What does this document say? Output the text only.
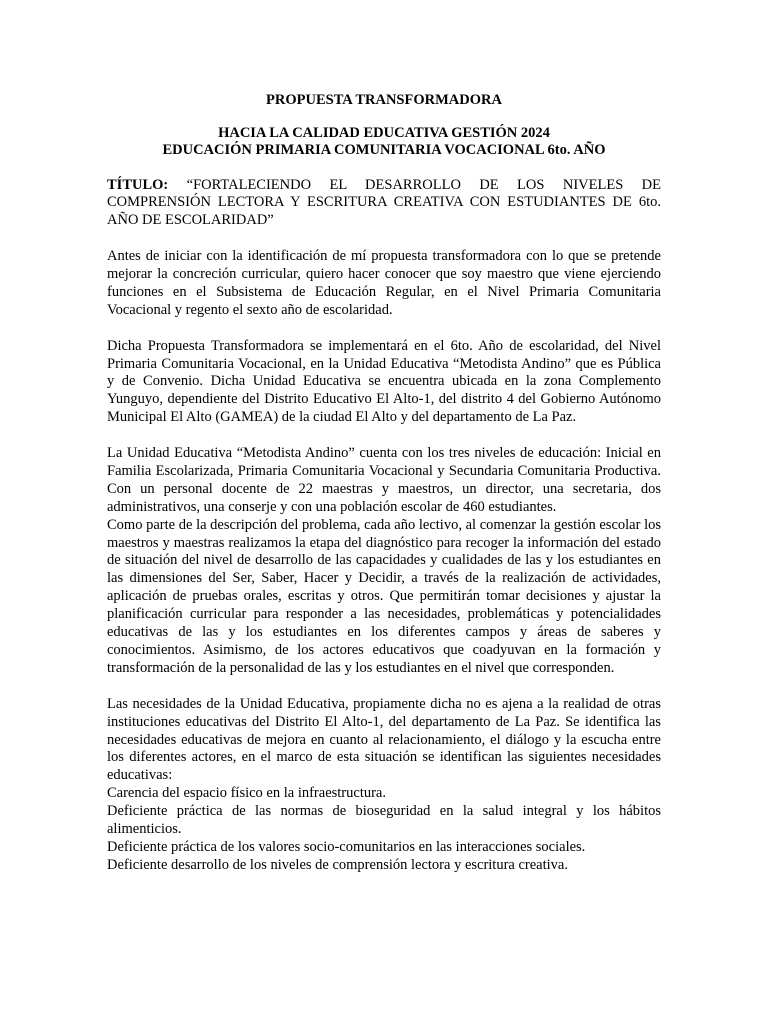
PROPUESTA TRANSFORMADORA
HACIA LA CALIDAD EDUCATIVA GESTIÓN 2024
EDUCACIÓN PRIMARIA COMUNITARIA VOCACIONAL 6to. AÑO

TÍTULO: “FORTALECIENDO EL DESARROLLO DE LOS NIVELES DE COMPRENSIÓN LECTORA Y ESCRITURA CREATIVA CON ESTUDIANTES DE 6to. AÑO DE ESCOLARIDAD”

Antes de iniciar con la identificación de mí propuesta transformadora con lo que se pretende mejorar la concreción curricular, quiero hacer conocer que soy maestro que viene ejerciendo funciones en el Subsistema de Educación Regular, en el Nivel Primaria Comunitaria Vocacional y regento el sexto año de escolaridad.

Dicha Propuesta Transformadora se implementará en el 6to. Año de escolaridad, del Nivel Primaria Comunitaria Vocacional, en la Unidad Educativa “Metodista Andino” que es Pública y de Convenio. Dicha Unidad Educativa se encuentra ubicada en la zona Complemento Yunguyo, dependiente del Distrito Educativo El Alto-1, del distrito 4 del Gobierno Autónomo Municipal El Alto (GAMEA) de la ciudad El Alto y del departamento de La Paz.

La Unidad Educativa “Metodista Andino” cuenta con los tres niveles de educación: Inicial en Familia Escolarizada, Primaria Comunitaria Vocacional y Secundaria Comunitaria Productiva. Con un personal docente de 22 maestras y maestros, un director, una secretaria, dos administrativos, una conserje y con una población escolar de 460 estudiantes.

Como parte de la descripción del problema, cada año lectivo, al comenzar la gestión escolar los maestros y maestras realizamos la etapa del diagnóstico para recoger la información del estado de situación del nivel de desarrollo de las capacidades y cualidades de las y los estudiantes en las dimensiones del Ser, Saber, Hacer y Decidir, a través de la realización de actividades, aplicación de pruebas orales, escritas y otros. Que permitirán tomar decisiones y ajustar la planificación curricular para responder a las necesidades, problemáticas y potencialidades educativas de las y los estudiantes en los diferentes campos y áreas de saberes y conocimientos. Asimismo, de los actores educativos que coadyuvan en la formación y transformación de la personalidad de las y los estudiantes en el nivel que corresponden.

Las necesidades de la Unidad Educativa, propiamente dicha no es ajena a la realidad de otras instituciones educativas del Distrito El Alto-1, del departamento de La Paz. Se identifica las necesidades educativas de mejora en cuanto al relacionamiento, el diálogo y la escucha entre los diferentes actores, en el marco de esta situación se identifican las siguientes necesidades educativas:

Carencia del espacio físico en la infraestructura.

Deficiente práctica de las normas de bioseguridad en la salud integral y los hábitos alimenticios.

Deficiente práctica de los valores socio-comunitarios en las interacciones sociales.

Deficiente desarrollo de los niveles de comprensión lectora y escritura creativa.
